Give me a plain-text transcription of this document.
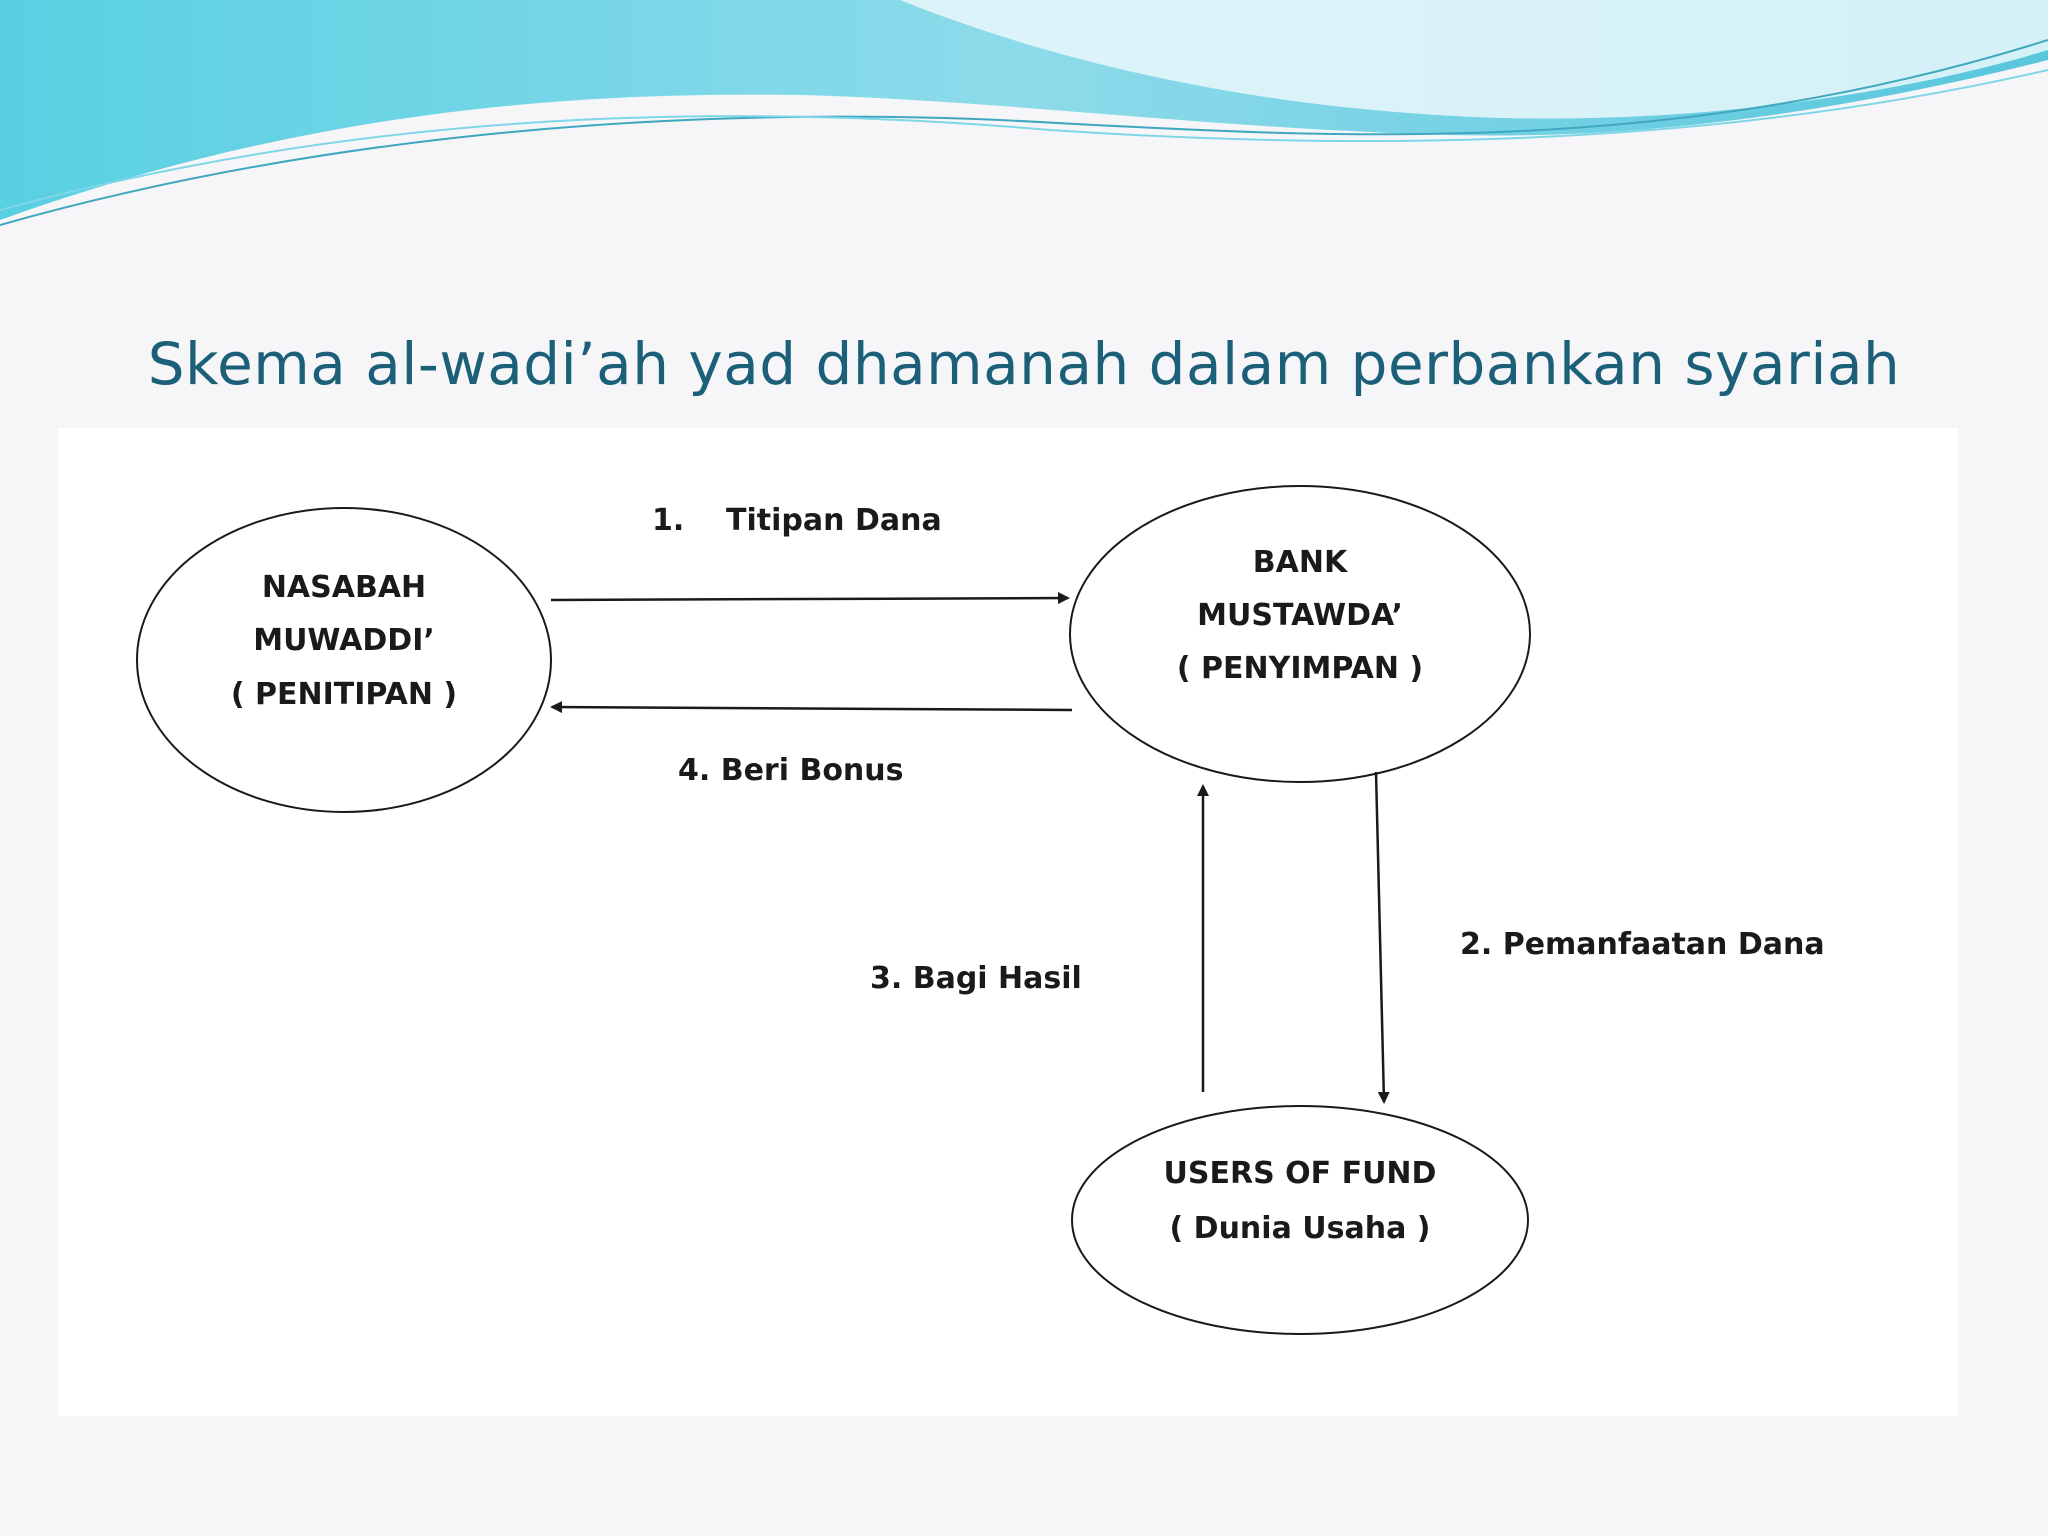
Skema al-wadi’ah yad dhamanah dalam perbankan syariah
NASABAH
MUWADDI’
( PENITIPAN )
BANK
MUSTAWDA’
( PENYIMPAN )
USERS OF FUND
( Dunia Usaha )
1.    Titipan Dana
4. Beri Bonus
2. Pemanfaatan Dana
3. Bagi Hasil
